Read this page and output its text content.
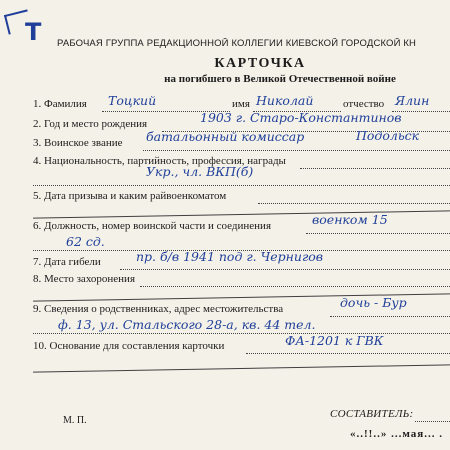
Т РАБОЧАЯ ГРУППА РЕДАКЦИОННОЙ КОЛЛЕГИИ КИЕВСКОЙ ГОРОДСКОЙ КН
КАРТОЧКА
на погибшего в Великой Отечественной войне
1. Фамилия Тоцкий	имя Николай	отчество Ялин
2. Год и место рождения	1903 г. Старо-Константинов
3. Воинское звание батальонный комиссар	Подольск
4. Национальность, партийность, профессия, награды
Укр., чл. ВКП(б)
5. Дата призыва и каким райвоенкоматом
6. Должность, номер воинской части и соединения	военком 15
62 сд.
7. Дата гибели	пр. б/в 1941 под г. Чернигов
8. Место захоронения
9. Сведения о родственниках, адрес местожительства	дочь - Бур
ф. 13, ул. Стальского 28-а, кв. 44 тел.
10. Основание для составления карточки	ФА-1201 к ГВК
М. П.
СОСТАВИТЕЛЬ:
«..!!..» ...мая... .
